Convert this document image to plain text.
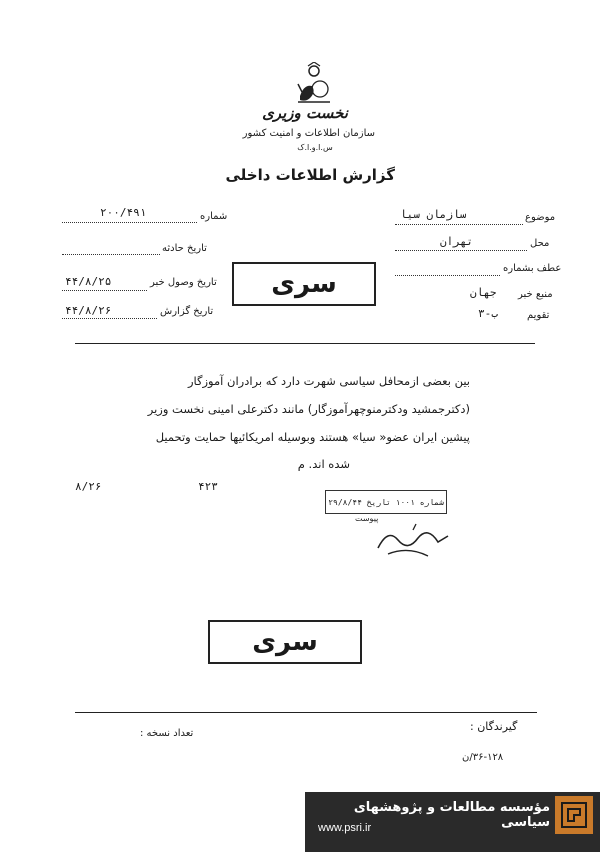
نخست وزیری
سازمان اطلاعات و امنیت کشور
س.ا.و.ا.ک
گزارش اطلاعات داخلی
موضوع
سازمان سیا
محل
تهران
عطف بشماره
منبع خبر
جهان
تقویم
ب-۳
شماره
۲۰۰/۴۹۱
تاریخ حادثه
تاریخ وصول خبر
۴۴/۸/۲۵
تاریخ گزارش
۴۴/۸/۲۶
سری
بین بعضی ازمحافل سیاسی شهرت دارد که برادران آموزگار
(دکترجمشید ودکترمنوچهرآموزگار) مانند دکترعلی امینی نخست وزیر
پیشین ایران عضو« سیا» هستند وبوسیله امریکائیها حمایت وتحمیل
شده اند. م
۸/۲۶	۴۲۳
شماره ۱۰۰۱ تاریخ ۲۹/۸/۴۴
پیوست
سری
گیرندگان :
تعداد نسخه :
۳۶-۱۲۸/ن
مؤسسه مطالعات و پژوهشهای سیاسی
www.psri.ir
